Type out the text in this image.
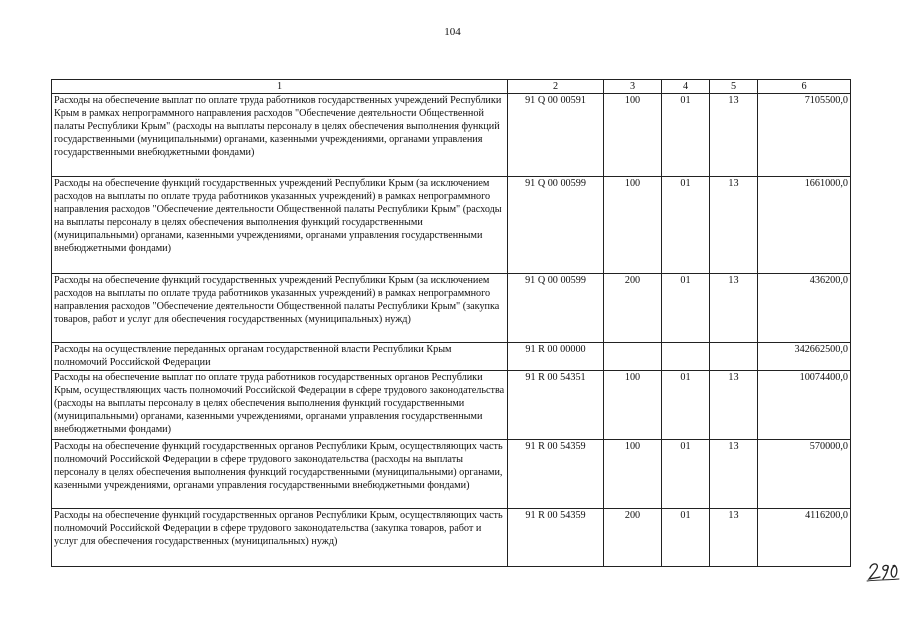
104
1	2	3	4	5	6
Расходы на обеспечение выплат по оплате труда работников государственных учреждений Республики Крым в рамках непрограммного направления расходов "Обеспечение деятельности Общественной палаты Республики Крым" (расходы на выплаты персоналу в целях обеспечения выполнения функций государственными (муниципальными) органами, казенными учреждениями, органами управления государственными внебюджетными фондами)	91 Q 00 00591	100	01	13	7105500,0
Расходы на обеспечение функций государственных учреждений Республики Крым (за исключением расходов на выплаты по оплате труда работников указанных учреждений) в рамках непрограммного направления расходов "Обеспечение деятельности Общественной палаты Республики Крым" (расходы на выплаты персоналу в целях обеспечения выполнения функций государственными (муниципальными) органами, казенными учреждениями, органами управления государственными внебюджетными фондами)	91 Q 00 00599	100	01	13	1661000,0
Расходы на обеспечение функций государственных учреждений Республики Крым (за исключением расходов на выплаты по оплате труда работников указанных учреждений) в рамках непрограммного направления расходов "Обеспечение деятельности Общественной палаты Республики Крым" (закупка товаров, работ и услуг для обеспечения государственных (муниципальных) нужд)	91 Q 00 00599	200	01	13	436200,0
Расходы на осуществление переданных органам государственной власти Республики Крым полномочий Российской Федерации	91 R 00 00000				342662500,0
Расходы на обеспечение выплат по оплате труда работников государственных органов Республики Крым, осуществляющих часть полномочий Российской Федерации в сфере трудового законодательства (расходы на выплаты персоналу в целях обеспечения выполнения функций государственными (муниципальными) органами, казенными учреждениями, органами управления государственными внебюджетными фондами)	91 R 00 54351	100	01	13	10074400,0
Расходы на обеспечение функций государственных органов Республики Крым, осуществляющих часть полномочий Российской Федерации в сфере трудового законодательства (расходы на выплаты персоналу в целях обеспечения выполнения функций государственными (муниципальными) органами, казенными учреждениями, органами управления государственными внебюджетными фондами)	91 R 00 54359	100	01	13	570000,0
Расходы на обеспечение функций государственных органов Республики Крым, осуществляющих часть полномочий Российской Федерации в сфере трудового законодательства (закупка товаров, работ и услуг для обеспечения государственных (муниципальных) нужд)	91 R 00 54359	200	01	13	4116200,0
